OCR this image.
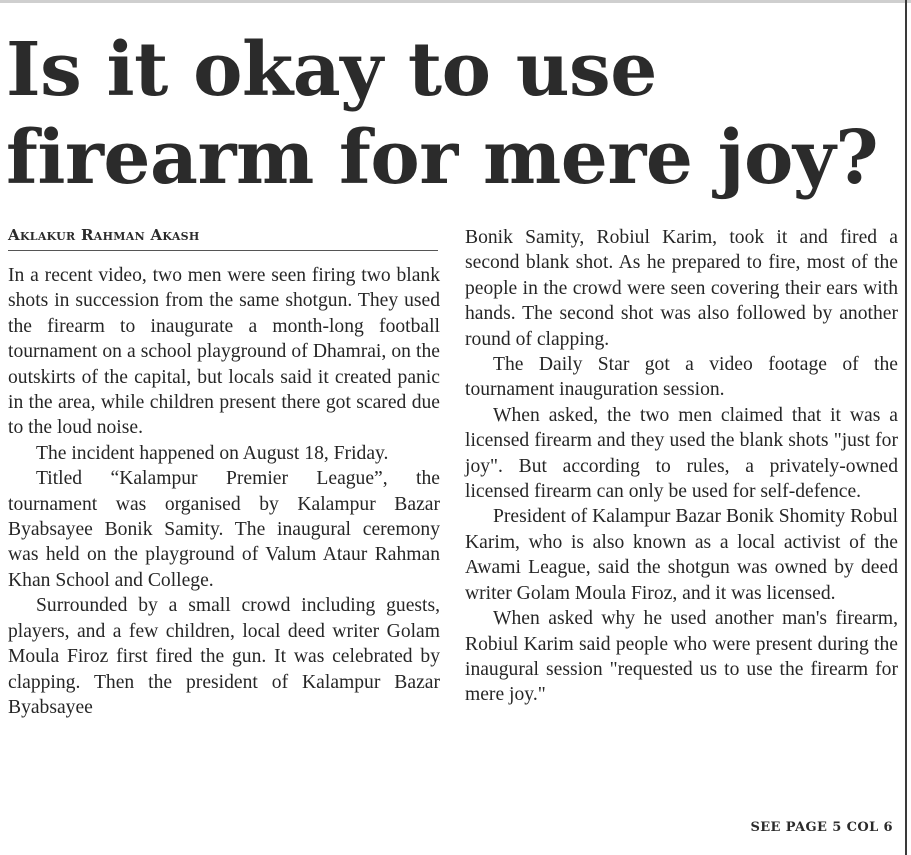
Is it okay to use firearm for mere joy?
Aklakur Rahman Akash

In a recent video, two men were seen firing two blank shots in succession from the same shotgun. They used the firearm to inaugurate a month-long football tournament on a school playground of Dhamrai, on the outskirts of the capital, but locals said it created panic in the area, while children present there got scared due to the loud noise.

The incident happened on August 18, Friday.

Titled “Kalampur Premier League”, the tournament was organised by Kalampur Bazar Byabsayee Bonik Samity. The inaugural ceremony was held on the playground of Valum Ataur Rahman Khan School and College.

Surrounded by a small crowd including guests, players, and a few children, local deed writer Golam Moula Firoz first fired the gun. It was celebrated by clapping. Then the president of Kalampur Bazar Byabsayee

Bonik Samity, Robiul Karim, took it and fired a second blank shot. As he prepared to fire, most of the people in the crowd were seen covering their ears with hands. The second shot was also followed by another round of clapping.

The Daily Star got a video footage of the tournament inauguration session.

When asked, the two men claimed that it was a licensed firearm and they used the blank shots "just for joy". But according to rules, a privately-owned licensed firearm can only be used for self-defence.

President of Kalampur Bazar Bonik Shomity Robul Karim, who is also known as a local activist of the Awami League, said the shotgun was owned by deed writer Golam Moula Firoz, and it was licensed.

When asked why he used another man's firearm, Robiul Karim said people who were present during the inaugural session "requested us to use the firearm for mere joy."

SEE PAGE 5 COL 6
